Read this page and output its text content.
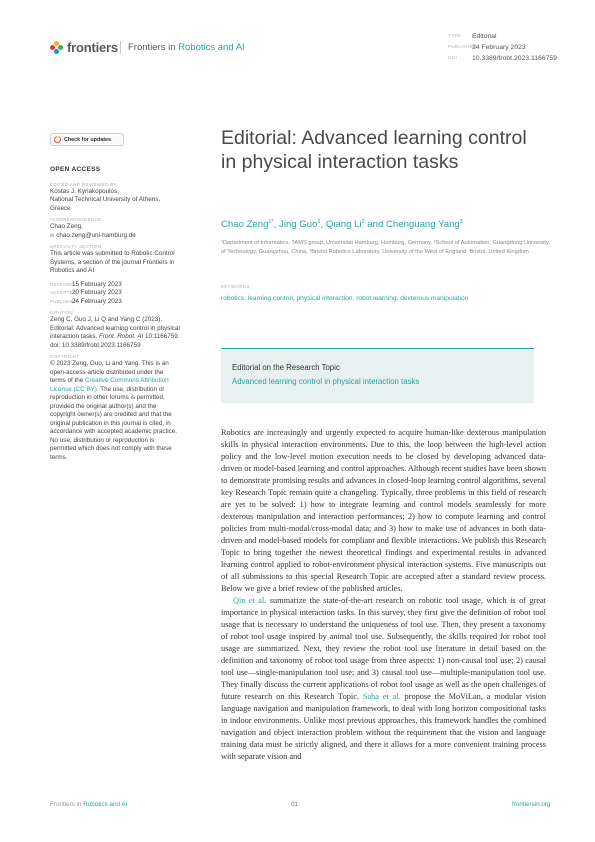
frontiers Frontiers in Robotics and AI
TYPE Editorial
PUBLISHED24 February 2023
DOI 10.3389/frobt.2023.1166759
Check for updates
OPEN ACCESS
EDITED AND REVIEWED BY
Kostas J. Kyriakopoulos,
National Technical University of Athens, Greece
*CORRESPONDENCE
Chao Zeng,
✉ chao.zeng@uni-hamburg.de
SPECIALTY SECTION
This article was submitted to Robotic Control Systems, a section of the journal Frontiers in Robotics and AI
RECEIVED
15 February 2023
ACCEPTED
20 February 2023
PUBLISHED
24 February 2023
CITATION
Zeng C, Guo J, Li Q and Yang C (2023), Editorial: Advanced learning control in physical interaction tasks. Front. Robot. AI 10:1166759. doi: 10.3389/frobt.2023.1166759
COPYRIGHT
© 2023 Zeng, Guo, Li and Yang. This is an open-access article distributed under the terms of the Creative Commons Attribution License (CC BY). The use, distribution or reproduction in other forums is permitted, provided the original author(s) and the copyright owner(s) are credited and that the original publication in this journal is cited, in accordance with accepted academic practice. No use, distribution or reproduction is permitted which does not comply with these terms.
Editorial: Advanced learning control in physical interaction tasks
Chao Zeng$^{1*}$, Jing Guo$^2$, Qiang Li$^3$ and Chenguang Yang$^3$
¹Department of Informatics, TAMS group, Universität Hamburg, Hamburg, Germany, ²School of Automation, Guangdong University of Technology, Guangzhou, China, ³Bristol Robotics Laboratory, University of the West of England, Bristol, United Kingdom
KEYWORDS
robotics, learning control, physical interaction, robot learning, dexterous manipulation
Editorial on the Research Topic
Advanced learning control in physical interaction tasks

Robotics are increasingly and urgently expected to acquire human-like dexterous manipulation skills in physical interaction environments. Due to this, the loop between the high-level action policy and the low-level motion execution needs to be closed by developing advanced data-driven or model-based learning and control approaches. Although recent studies have been shown to demonstrate promising results and advances in closed-loop learning control algorithms, several key Research Topic remain quite a changeling. Typically, three problems in this field of research are yet to be solved: 1) how to integrate learning and control models seamlessly for more dexterous manipulation and interaction performances; 2) how to compute learning and control policies from multi-modal/cross-modal data; and 3) how to make use of advances in both data-driven and model-based models for compliant and flexible interactions. We publish this Research Topic to bring together the newest theoretical findings and experimental results in advanced learning control applied to robot-environment physical interaction systems. Five manuscripts out of all submissions to this special Research Topic are accepted after a standard review process. Below we give a brief review of the published articles.

Qin et al. summarize the state-of-the-art research on robotic tool usage, which is of great importance in physical interaction tasks. In this survey, they first give the definition of robot tool usage that is necessary to understand the uniqueness of tool use. Then, they present a taxonomy of robot tool usage inspired by animal tool use. Subsequently, the skills required for robot tool usage are summarized. Next, they review the robot tool use literature in detail based on the definition and taxonomy of robot tool usage from three aspects: 1) non-causal tool use; 2) causal tool use—single-manipulation tool use; and 3) causal tool use—multiple-manipulation tool use. They finally discuss the current applications of robot tool usage as well as the open challenges of future research on this Research Topic. Saha et al. propose the MoViLan, a modular vision language navigation and manipulation framework, to deal with long horizon compositional tasks in indoor environments. Unlike most previous approaches, this framework handles the combined navigation and object interaction problem without the requirement that the vision and language training data must be strictly aligned, and there it allows for a more convenient training process with separate vision and

Frontiers in Robotics and AI	01	frontiersin.org
